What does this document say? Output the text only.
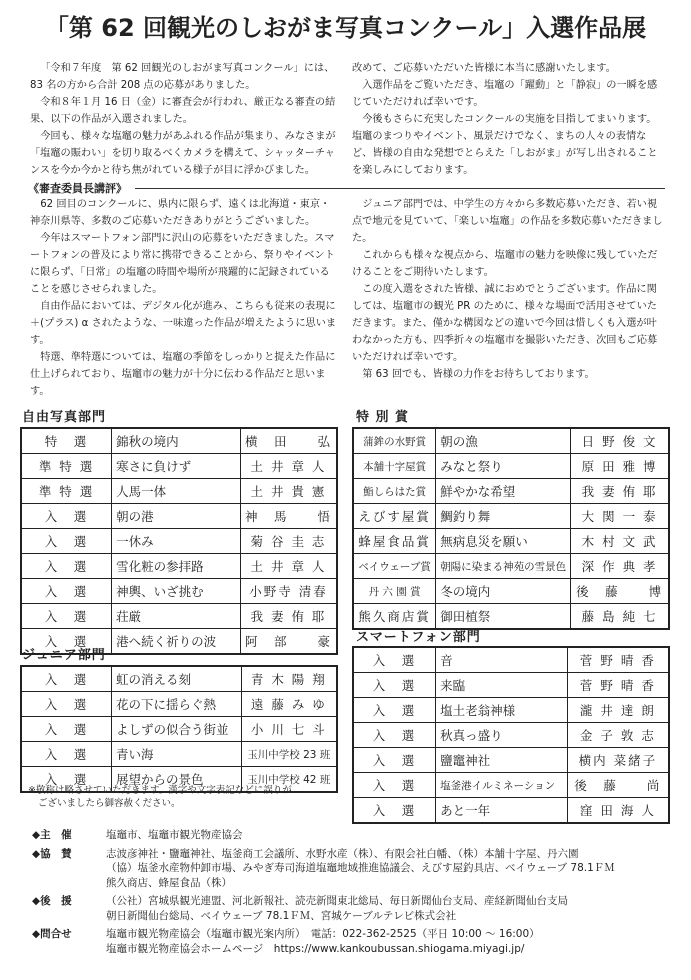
「第 62 回観光のしおがま写真コンクール」入選作品展

「令和７年度　第 62 回観光のしおがま写真コンクール」には、83 名の方から合計 208 点の応募がありました。

令和８年１月 16 日（金）に審査会が行われ、厳正なる審査の結果、以下の作品が入選されました。

今回も、様々な塩竈の魅力があふれる作品が集まり、みなさまが「塩竈の賑わい」を切り取るべくカメラを構えて、シャッターチャンスを今か今かと待ち焦がれている様子が目に浮かびました。

改めて、ご応募いただいた皆様に本当に感謝いたします。

入選作品をご覧いただき、塩竈の「躍動」と「静寂」の一瞬を感じていただければ幸いです。

今後もさらに充実したコンクールの実施を目指してまいります。塩竈のまつりやイベント、風景だけでなく、まちの人々の表情など、皆様の自由な発想でとらえた「しおがま」が写し出されることを楽しみにしております。

《審査委員長講評》

62 回目のコンクールに、県内に限らず、遠くは北海道・東京・神奈川県等、多数のご応募いただきありがとうございました。

今年はスマートフォン部門に沢山の応募をいただきました。スマートフォンの普及により常に携帯できることから、祭りやイベントに限らず、「日常」の塩竈の時間や場所が飛躍的に記録されていることを感じさせられました。

自由作品においては、デジタル化が進み、こちらも従来の表現に＋(プラス) α されたような、一味違った作品が増えたように思います。

特選、準特選については、塩竈の季節をしっかりと捉えた作品に仕上げられており、塩竈市の魅力が十分に伝わる作品だと思います。

ジュニア部門では、中学生の方々から多数応募いただき、若い視点で地元を見ていて、「楽しい塩竈」の作品を多数応募いただきました。

これからも様々な視点から、塩竈市の魅力を映像に残していただけることをご期待いたします。

この度入選をされた皆様、誠におめでとうございます。作品に関しては、塩竈市の観光 PR のために、様々な場面で活用させていただきます。また、僅かな構図などの違いで今回は惜しくも入選が叶わなかった方も、四季折々の塩竈市を撮影いただき、次回もご応募いただければ幸いです。

第 63 回でも、皆様の力作をお待ちしております。

自由写真部門
特　選	錦秋の境内	横　田　　弘
準 特 選	寒さに負けず	土 井 章 人
準 特 選	人馬一体	土 井 貴 憲
入　選	朝の港	神　馬　　悟
入　選	一休み	菊 谷 圭 志
入　選	雪化粧の参拝路	土 井 章 人
入　選	神輿、いざ挑む	小野寺 清春
入　選	荘厳	我 妻 侑 耶
入　選	港へ続く祈りの波	阿　部　　豪
ジュニア部門
入　選	虹の消える刻	青 木 陽 翔
入　選	花の下に揺らぐ熱	遠 藤 み ゆ
入　選	よしずの似合う街並	小 川 七 斗
入　選	青い海	玉川中学校 23 班
入　選	展望からの景色	玉川中学校 42 班
※敬称は略させていただきます。漢字や文字表記などに誤りが
ございましたら御容赦ください。
特 別 賞
蒲鉾の水野賞	朝の漁	日 野 俊 文
本舗十字屋賞	みなと祭り	原 田 雅 博
鮨しらはた賞	鮮やかな希望	我 妻 侑 耶
えびす屋賞	鯛釣り舞	大 関 一 泰
蜂屋食品賞	無病息災を願い	木 村 文 武
ベイウェーブ賞	朝陽に染まる神苑の雪景色	深 作 典 孝
丹 六 園 賞	冬の境内	後　藤　　博
熊久商店賞	御田植祭	藤 島 純 七
スマートフォン部門
入　選	音	菅 野 晴 香
入　選	来臨	菅 野 晴 香
入　選	塩土老翁神様	瀧 井 達 朗
入　選	秋真っ盛り	金 子 敦 志
入　選	鹽竈神社	横内 菜緒子
入　選	塩釜港イルミネーション	後　藤　　尚
入　選	あと一年	窪 田 海 人
◆主　催	塩竈市、塩竈市観光物産協会
◆協　賛	志波彦神社・鹽竈神社、塩釜商工会議所、水野水産（株）、有限会社白幡、（株）本舗十字屋、丹六園
（協）塩釜水産物仲卸市場、みやぎ寿司海道塩竈地域推進協議会、えびす屋釣具店、ベイウェーブ 78.1ＦＭ
熊久商店、蜂屋食品（株）
◆後　援	（公社）宮城県観光連盟、河北新報社、読売新聞東北総局、毎日新聞仙台支局、産経新聞仙台支局
朝日新聞仙台総局、ベイウェーブ 78.1ＦＭ、宮城ケーブルテレビ株式会社
◆問合せ	塩竈市観光物産協会（塩竈市観光案内所）　電話：022-362-2525（平日 10:00 ～ 16:00）
塩竈市観光物産協会ホームページ　https://www.kankoubussan.shiogama.miyagi.jp/
